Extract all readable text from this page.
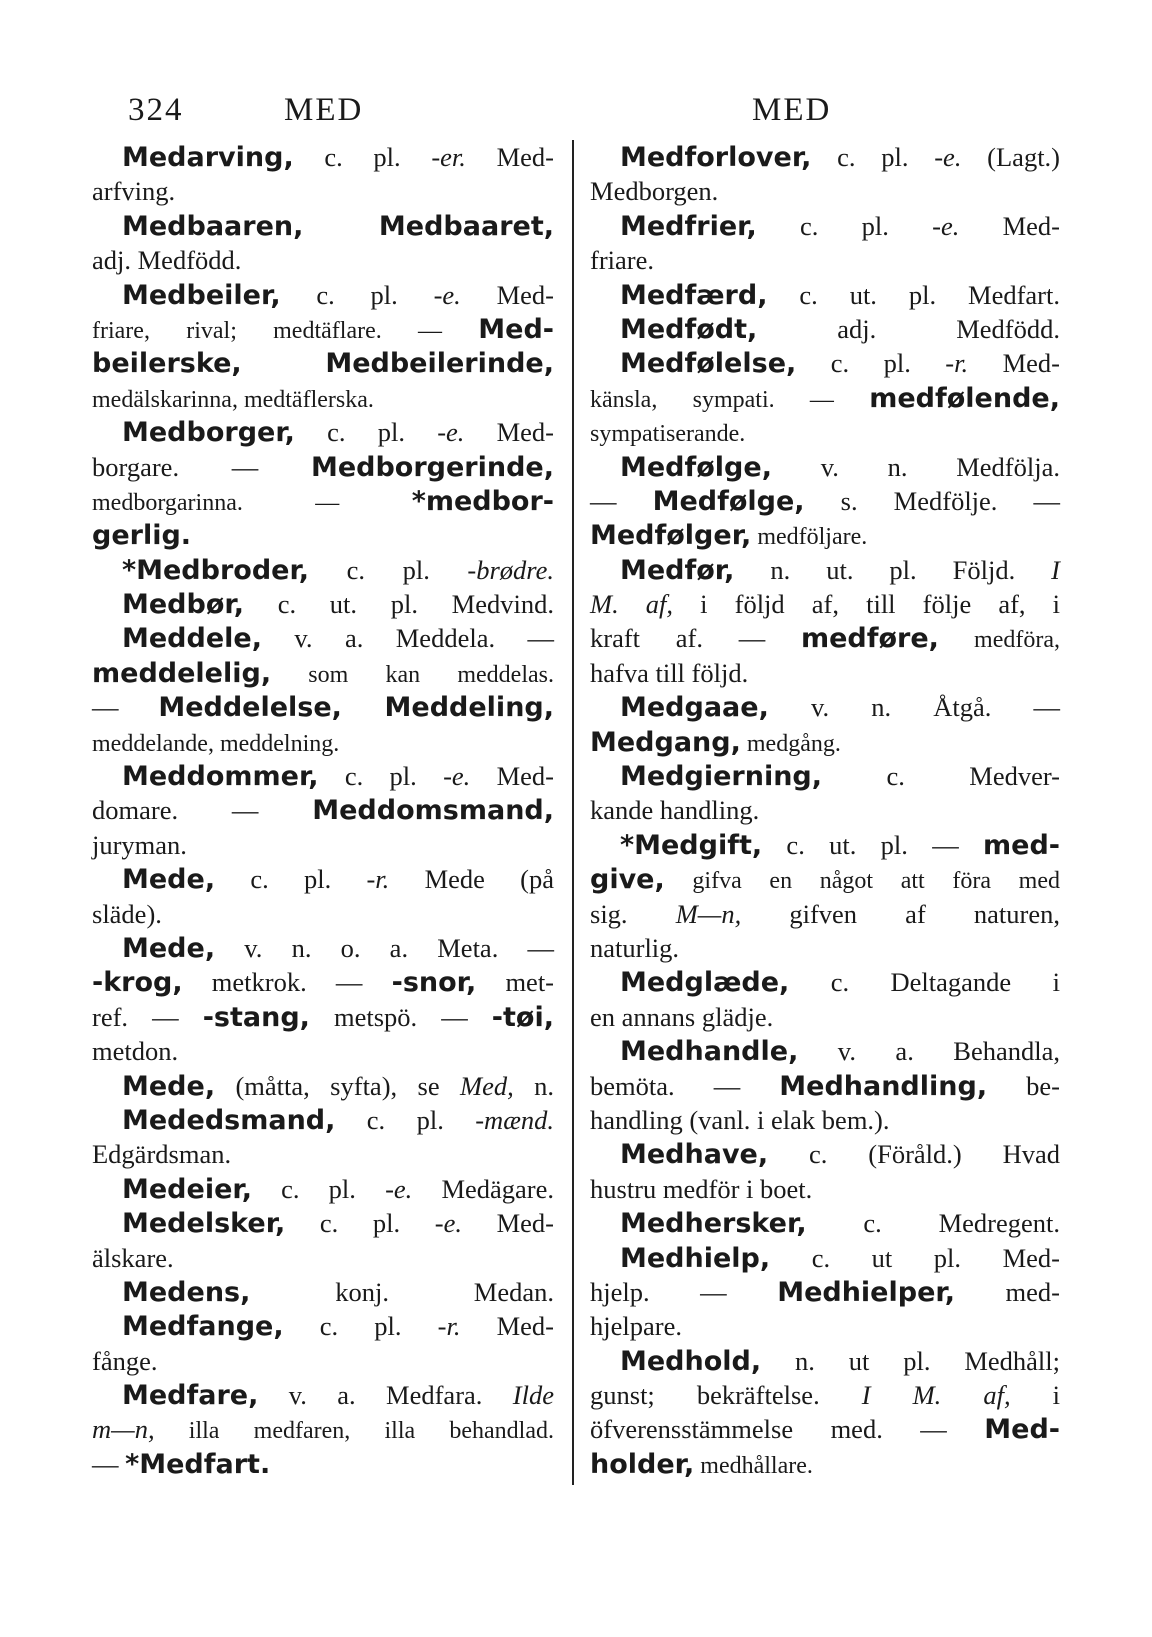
324	MED	MED
Medarving, c. pl. -er. Med-
arfving.
Medbaaren, Medbaaret,
adj. Medfödd.
Medbeiler, c. pl. -e. Med-
friare, rival; medtäflare. — Med-
beilerske, Medbeilerinde,
medälskarinna, medtäflerska.
Medborger, c. pl. -e. Med-
borgare. — Medborgerinde,
medborgarinna. — *medbor-
gerlig.
*Medbroder, c. pl. -brødre.
Medbør, c. ut. pl. Medvind.
Meddele, v. a. Meddela. —
meddelelig, som kan meddelas.
— Meddelelse, Meddeling,
meddelande, meddelning.
Meddommer, c. pl. -e. Med-
domare. — Meddomsmand,
juryman.
Mede, c. pl. -r. Mede (på
släde).
Mede, v. n. o. a. Meta. —
-krog, metkrok. — -snor, met-
ref. — -stang, metspö. — -tøi,
metdon.
Mede, (måtta, syfta), se Med, n.
Mededsmand, c. pl. -mænd.
Edgärdsman.
Medeier, c. pl. -e. Medägare.
Medelsker, c. pl. -e. Med-
älskare.
Medens, konj. Medan.
Medfange, c. pl. -r. Med-
fånge.
Medfare, v. a. Medfara. Ilde
m—n, illa medfaren, illa behandlad.
— *Medfart.
Medforlover, c. pl. -e. (Lagt.)
Medborgen.
Medfrier, c. pl. -e. Med-
friare.
Medfærd, c. ut. pl. Medfart.
Medfødt, adj. Medfödd.
Medfølelse, c. pl. -r. Med-
känsla, sympati. — medfølende,
sympatiserande.
Medfølge, v. n. Medfölja.
— Medfølge, s. Medfölje. —
Medfølger, medföljare.
Medfør, n. ut. pl. Följd. I
M. af, i följd af, till följe af, i
kraft af. — medføre, medföra,
hafva till följd.
Medgaae, v. n. Åtgå. —
Medgang, medgång.
Medgierning, c. Medver-
kande handling.
*Medgift, c. ut. pl. — med-
give, gifva en något att föra med
sig. M—n, gifven af naturen,
naturlig.
Medglæde, c. Deltagande i
en annans glädje.
Medhandle, v. a. Behandla,
bemöta. — Medhandling, be-
handling (vanl. i elak bem.).
Medhave, c. (Föråld.) Hvad
hustru medför i boet.
Medhersker, c. Medregent.
Medhielp, c. ut pl. Med-
hjelp. — Medhielper, med-
hjelpare.
Medhold, n. ut pl. Medhåll;
gunst; bekräftelse. I M. af, i
öfverensstämmelse med. — Med-
holder, medhållare.
